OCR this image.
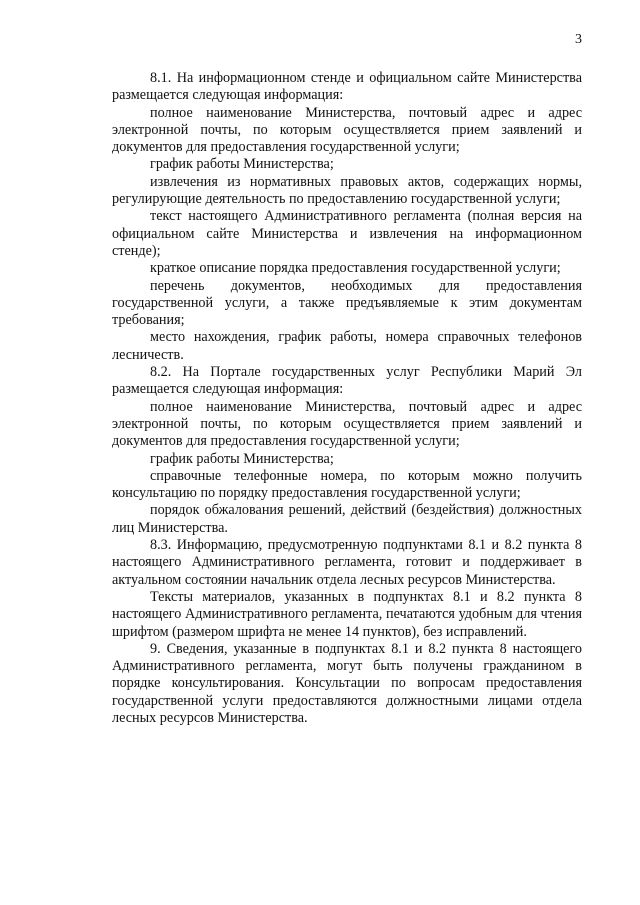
3

8.1. На информационном стенде и официальном сайте Министерства размещается следующая информация:

полное наименование Министерства, почтовый адрес и адрес электронной почты, по которым осуществляется прием заявлений и документов для предоставления государственной услуги;

график работы Министерства;

извлечения из нормативных правовых актов, содержащих нормы, регулирующие деятельность по предоставлению государственной услуги;

текст настоящего Административного регламента (полная версия на официальном сайте Министерства и извлечения на информационном стенде);

краткое описание порядка предоставления государственной услуги;

перечень документов, необходимых для предоставления государственной услуги, а также предъявляемые к этим документам требования;

место нахождения, график работы, номера справочных телефонов лесничеств.

8.2. На Портале государственных услуг Республики Марий Эл размещается следующая информация:

полное наименование Министерства, почтовый адрес и адрес электронной почты, по которым осуществляется прием заявлений и документов для предоставления государственной услуги;

график работы Министерства;

справочные телефонные номера, по которым можно получить консультацию по порядку предоставления государственной услуги;

порядок обжалования решений, действий (бездействия) должностных лиц Министерства.

8.3. Информацию, предусмотренную подпунктами 8.1 и 8.2 пункта 8 настоящего Административного регламента, готовит и поддерживает в актуальном состоянии начальник отдела лесных ресурсов Министерства.

Тексты материалов, указанных в подпунктах 8.1 и 8.2 пункта 8 настоящего Административного регламента, печатаются удобным для чтения шрифтом (размером шрифта не менее 14 пунктов), без исправлений.

9. Сведения, указанные в подпунктах 8.1 и 8.2 пункта 8 настоящего Административного регламента, могут быть получены гражданином в порядке консультирования. Консультации по вопросам предоставления государственной услуги предоставляются должностными лицами отдела лесных ресурсов Министерства.
